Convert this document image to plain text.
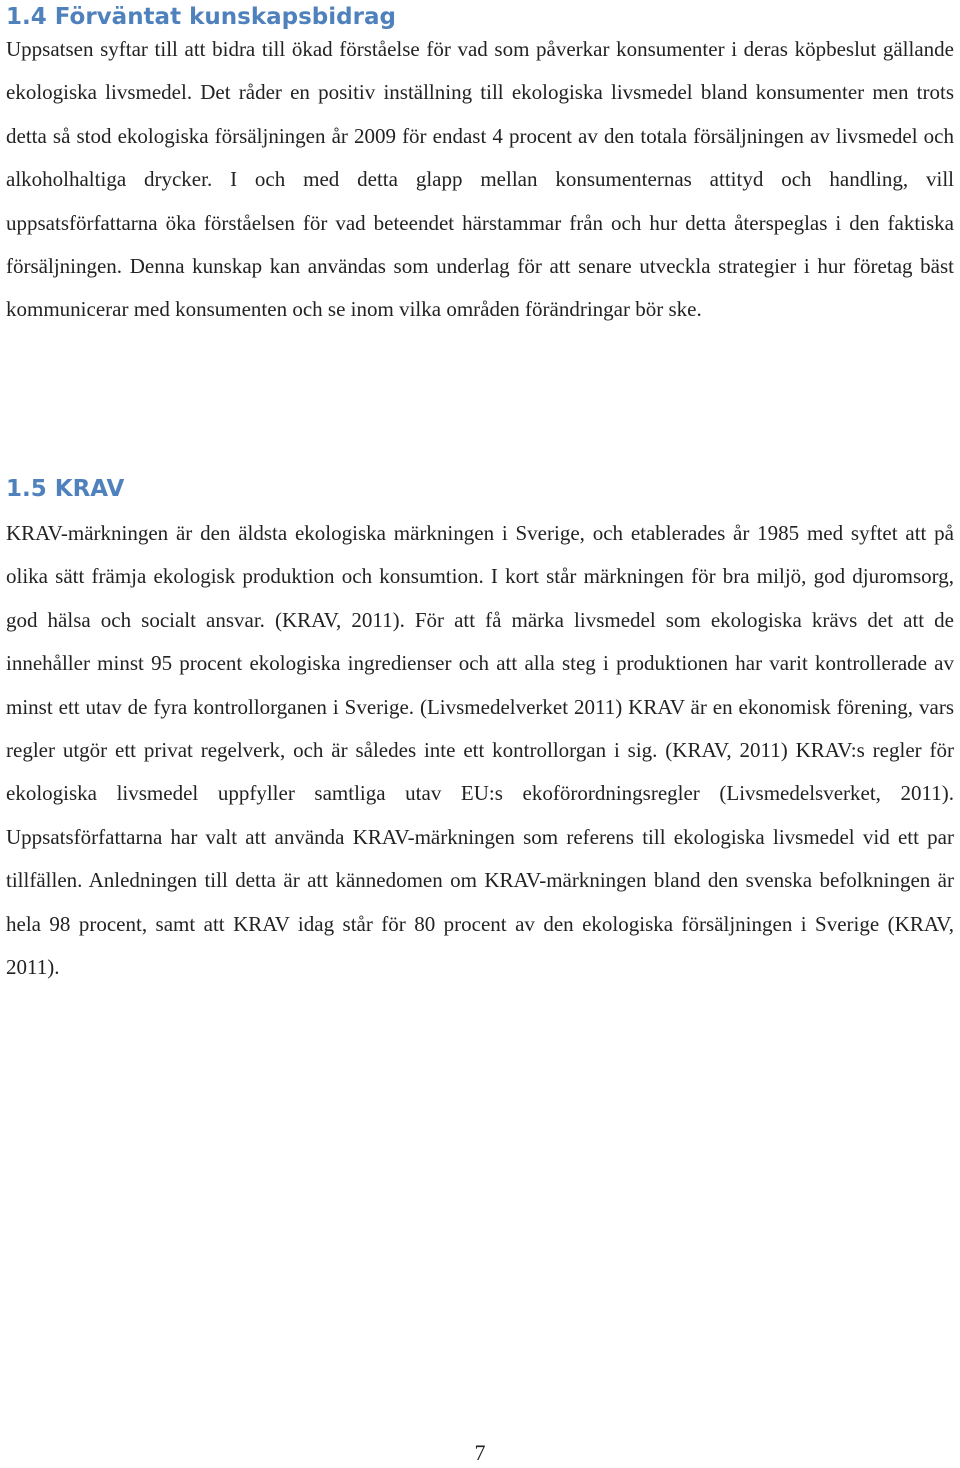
1.4 Förväntat kunskapsbidrag

Uppsatsen syftar till att bidra till ökad förståelse för vad som påverkar konsumenter i deras köpbeslut gällande ekologiska livsmedel. Det råder en positiv inställning till ekologiska livsmedel bland konsumenter men trots detta så stod ekologiska försäljningen år 2009 för endast 4 procent av den totala försäljningen av livsmedel och alkoholhaltiga drycker. I och med detta glapp mellan konsumenternas attityd och handling, vill uppsatsförfattarna öka förståelsen för vad beteendet härstammar från och hur detta återspeglas i den faktiska försäljningen. Denna kunskap kan användas som underlag för att senare utveckla strategier i hur företag bäst kommunicerar med konsumenten och se inom vilka områden förändringar bör ske.

1.5 KRAV

KRAV-märkningen är den äldsta ekologiska märkningen i Sverige, och etablerades år 1985 med syftet att på olika sätt främja ekologisk produktion och konsumtion. I kort står märkningen för bra miljö, god djuromsorg, god hälsa och socialt ansvar. (KRAV, 2011). För att få märka livsmedel som ekologiska krävs det att de innehåller minst 95 procent ekologiska ingredienser och att alla steg i produktionen har varit kontrollerade av minst ett utav de fyra kontrollorganen i Sverige. (Livsmedelverket 2011) KRAV är en ekonomisk förening, vars regler utgör ett privat regelverk, och är således inte ett kontrollorgan i sig. (KRAV, 2011) KRAV:s regler för ekologiska livsmedel uppfyller samtliga utav EU:s ekoförordningsregler (Livsmedelsverket, 2011). Uppsatsförfattarna har valt att använda KRAV-märkningen som referens till ekologiska livsmedel vid ett par tillfällen. Anledningen till detta är att kännedomen om KRAV-märkningen bland den svenska befolkningen är hela 98 procent, samt att KRAV idag står för 80 procent av den ekologiska försäljningen i Sverige (KRAV, 2011).

7
